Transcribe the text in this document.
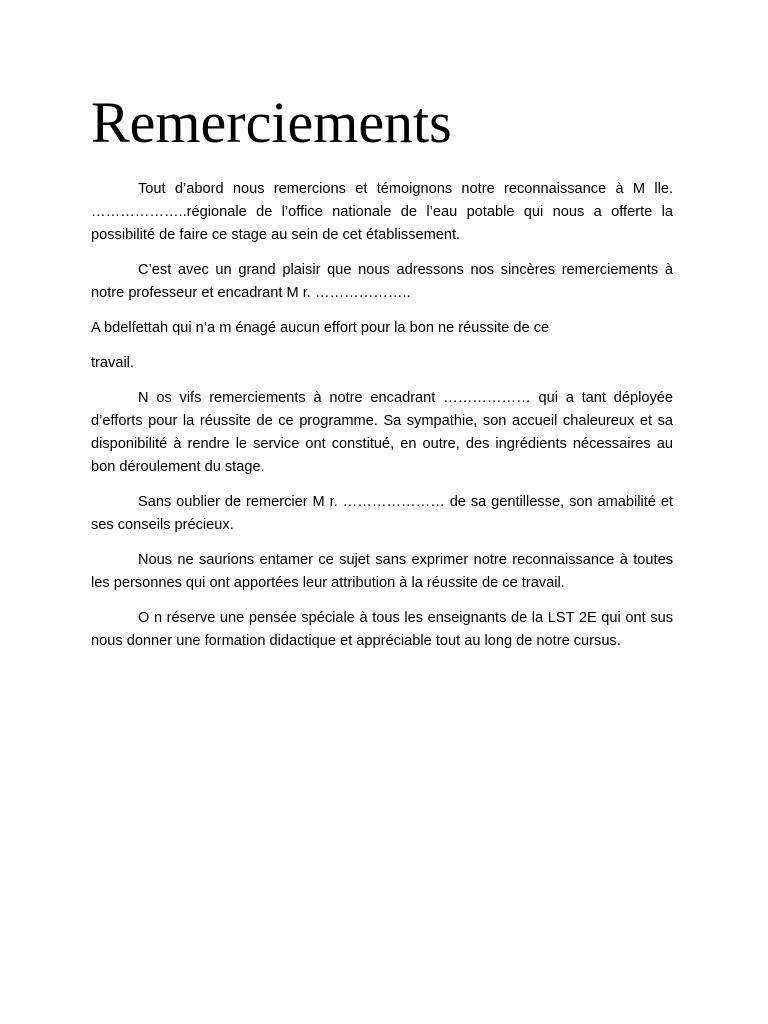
Remerciements

Tout d’abord nous remercions et témoignons notre reconnaissance à M lle. ………………..régionale de l’office nationale de l’eau potable qui nous a offerte la possibilité de faire ce stage au sein de cet établissement.

C’est avec un grand plaisir que nous adressons nos sincères remerciements à notre professeur et encadrant M r. ………………..

A bdelfettah qui n’a m énagé aucun effort pour la bon ne réussite de ce

travail.

N os vifs remerciements à notre encadrant ……………… qui a tant déployée d’efforts pour la réussite de ce programme. Sa sympathie, son accueil chaleureux et sa disponibilité à rendre le service ont constitué, en outre, des ingrédients nécessaires au bon déroulement du stage.

Sans oublier de remercier M r. ………………… de sa gentillesse, son amabilité et ses conseils précieux.

Nous ne saurions entamer ce sujet sans exprimer notre reconnaissance à toutes les personnes qui ont apportées leur attribution à la réussite de ce travail.

O n réserve une pensée spéciale à tous les enseignants de la LST 2E qui ont sus nous donner une formation didactique et appréciable tout au long de notre cursus.
